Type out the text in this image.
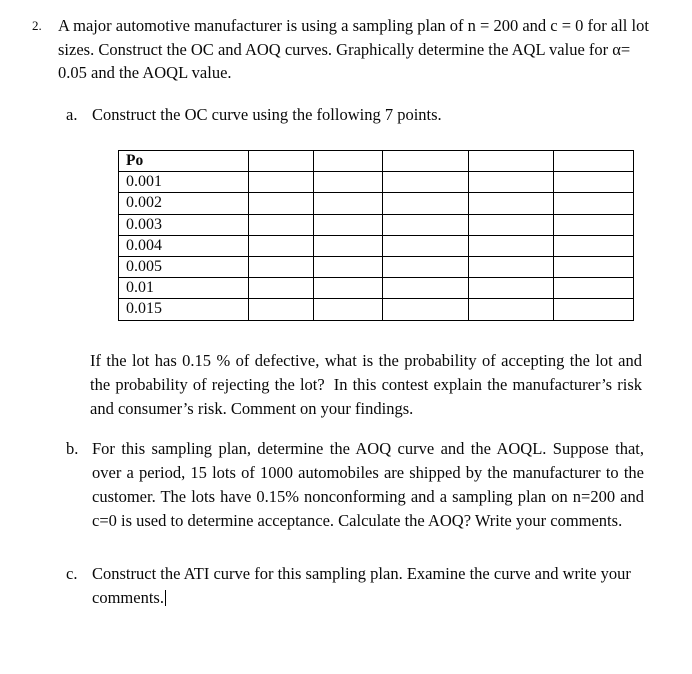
2. A major automotive manufacturer is using a sampling plan of n = 200 and c = 0 for all lot sizes. Construct the OC and AOQ curves. Graphically determine the AQL value for α= 0.05 and the AOQL value.
a. Construct the OC curve using the following 7 points.
Po					
0.001					
0.002					
0.003					
0.004					
0.005					
0.01					
0.015					
If the lot has 0.15 % of defective, what is the probability of accepting the lot and the probability of rejecting the lot? In this contest explain the manufacturer’s risk and consumer’s risk. Comment on your findings.
b. For this sampling plan, determine the AOQ curve and the AOQL. Suppose that, over a period, 15 lots of 1000 automobiles are shipped by the manufacturer to the customer. The lots have 0.15% nonconforming and a sampling plan on n=200 and c=0 is used to determine acceptance. Calculate the AOQ? Write your comments.
c. Construct the ATI curve for this sampling plan. Examine the curve and write your comments.
